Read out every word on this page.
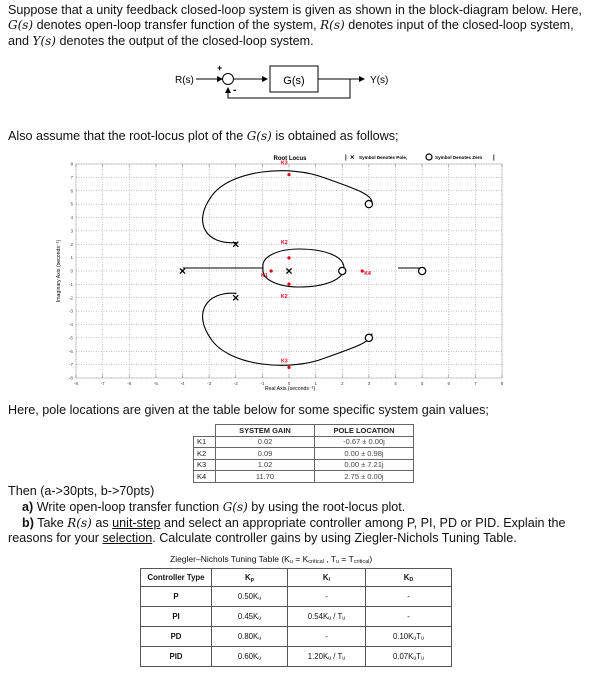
Suppose that a unity feedback closed-loop system is given as shown in the block-diagram below. Here, G(s) denotes open-loop transfer function of the system, R(s) denotes input of the closed-loop system, and Y(s) denotes the output of the closed-loop system.

R(s)
+
-
G(s)	Y(s)

Also assume that the root-locus plot of the G(s) is obtained as follows;

Root Locus	| × Symbol Denotes Pole,	Symbol Denotes Zero |
-8	-7	-6	-5	-4	-3	-2	-1	0	1	2	3	4	5	6	7	8
8
7
6
5
4
3
2
1
0
-1
-2
-3
-4
-5
-6
-7
-8
Real Axis (seconds⁻¹)
Imaginary Axis (seconds⁻¹)	K1
K2
K2
K3
K3
K4

Here, pole locations are given at the table below for some specific system gain values;

	SYSTEM GAIN	POLE LOCATION
K1	0.02	-0.67 ± 0.00j
K2	0.09	0.00 ± 0.98j
K3	1.02	0.00 ± 7.21j
K4	11.70	2.75 ± 0.00j

Then (a->30pts, b->70pts)

a) Write open-loop transfer function G(s) by using the root-locus plot.

b) Take R(s) as unit-step and select an appropriate controller among P, PI, PD or PID. Explain the reasons for your selection. Calculate controller gains by using Ziegler-Nichols Tuning Table.

Ziegler–Nichols Tuning Table (Ku = Kcritical , Tu = Tcritical)
Controller Type	Kp	Ki	KD
P	0.50Kᵤ	-	-
PI	0.45Kᵤ	0.54Kᵤ / Tᵤ	-
PD	0.80Kᵤ	-	0.10KᵤTᵤ
PID	0.60Kᵤ	1.20Kᵤ / Tᵤ	0.07KᵤTᵤ
